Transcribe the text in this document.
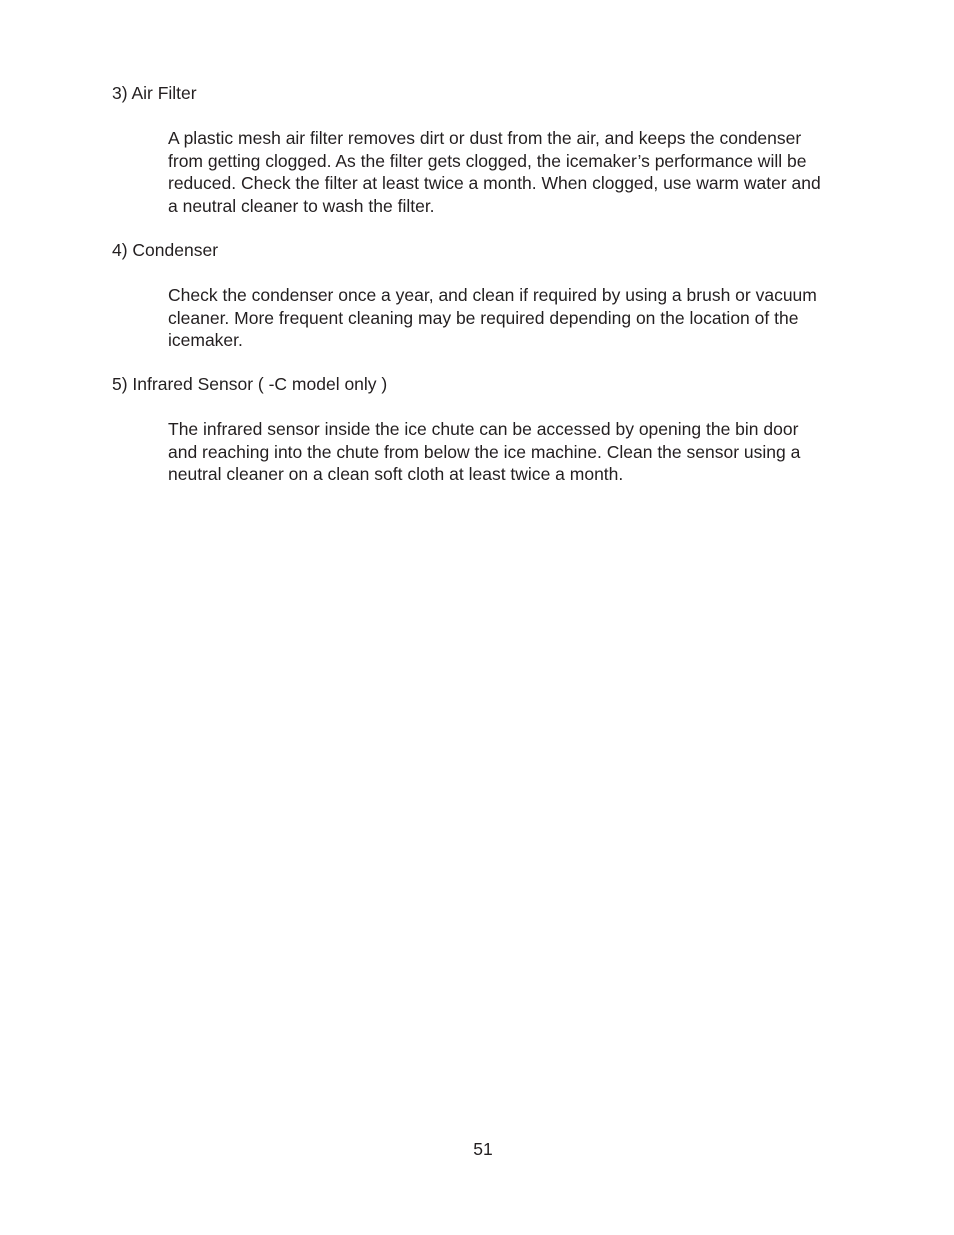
3) Air Filter

A plastic mesh air filter removes dirt or dust from the air, and keeps the condenser
from getting clogged. As the filter gets clogged, the icemaker’s performance will be
reduced. Check the filter at least twice a month. When clogged, use warm water and
a neutral cleaner to wash the filter.

4) Condenser

Check the condenser once a year, and clean if required by using a brush or vacuum
cleaner. More frequent cleaning may be required depending on the location of the
icemaker.

5) Infrared Sensor ( -C model only )

The infrared sensor inside the ice chute can be accessed by opening the bin door
and reaching into the chute from below the ice machine. Clean the sensor using a
neutral cleaner on a clean soft cloth at least twice a month.

51
